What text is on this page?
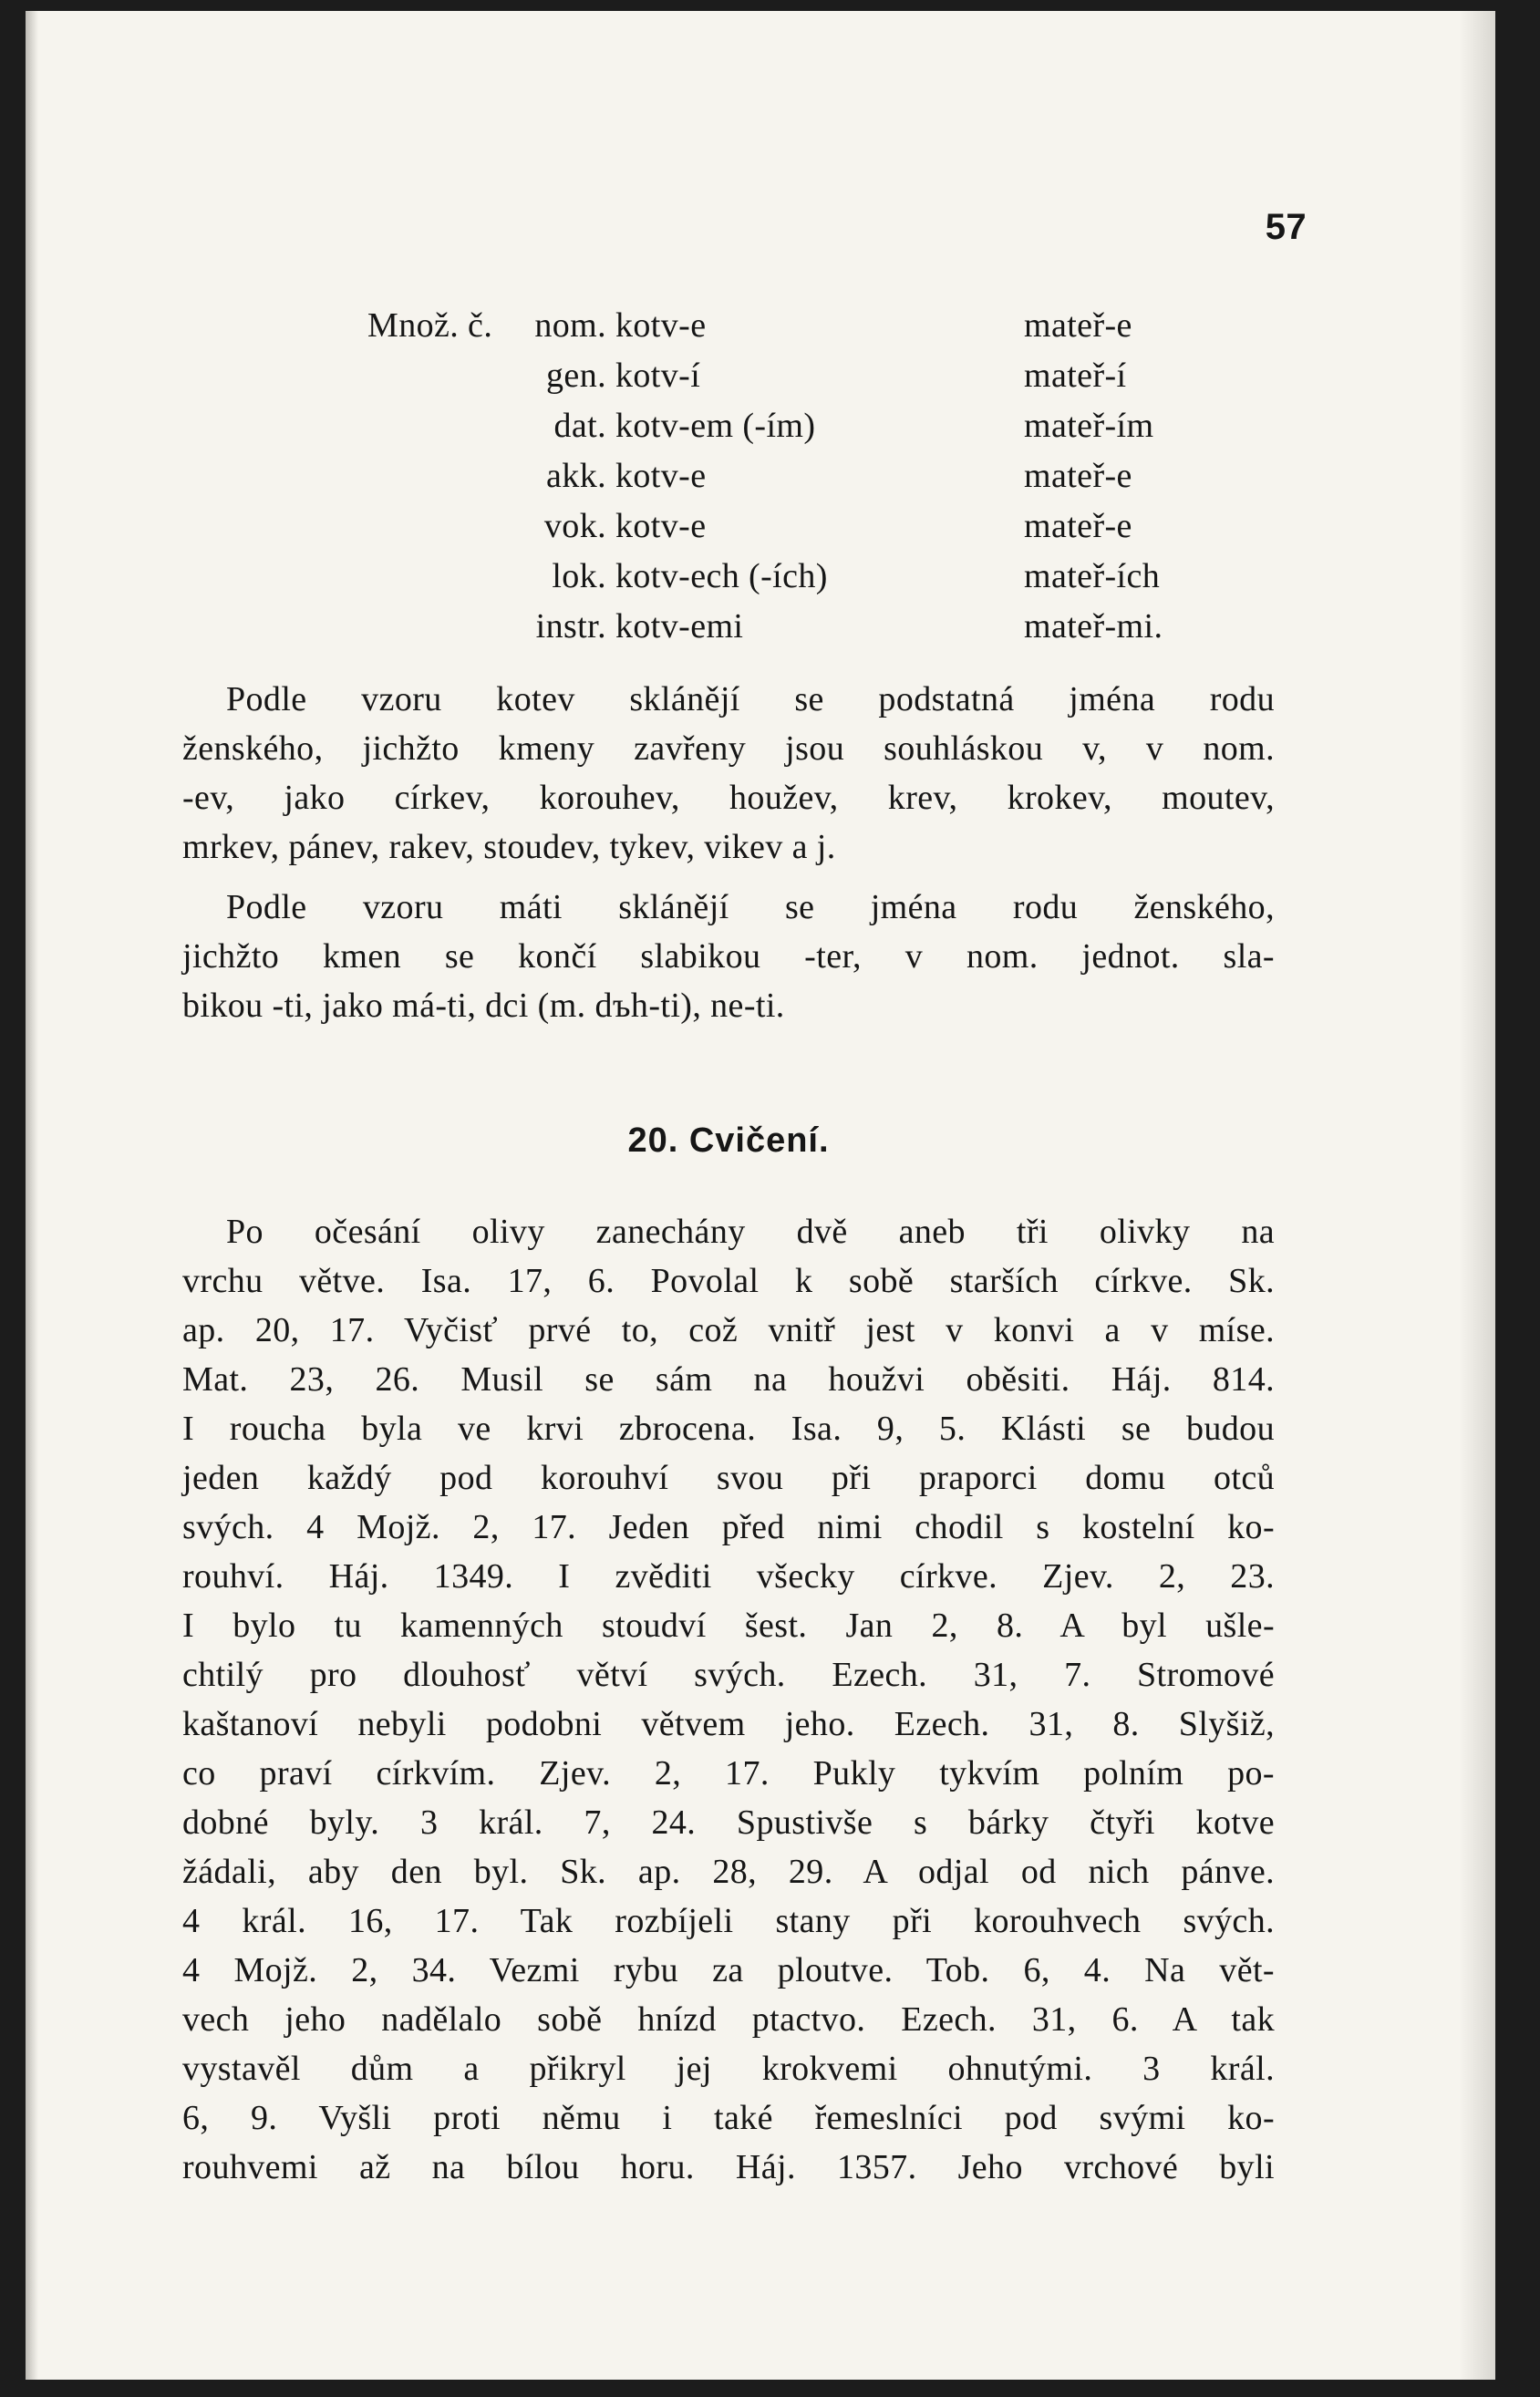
57
Množ. č.	nom. kotv-e	mateř-e
gen. kotv-í	mateř-í
dat. kotv-em (-ím)	mateř-ím
akk. kotv-e	mateř-e
vok. kotv-e	mateř-e
lok. kotv-ech (-ích)	mateř-ích
instr. kotv-emi	mateř-mi.
Podle vzoru kotev sklánějí se podstatná jména rodu
ženského, jichžto kmeny zavřeny jsou souhláskou v, v nom.
-ev, jako církev, korouhev, houžev, krev, krokev, moutev,
mrkev, pánev, rakev, stoudev, tykev, vikev a j.
Podle vzoru máti sklánějí se jména rodu ženského,
jichžto kmen se končí slabikou -ter, v nom. jednot. sla-
bikou -ti, jako má-ti, dci (m. dъh-ti), ne-ti.
20. Cvičení.
Po očesání olivy zanechány dvě aneb tři olivky na
vrchu větve. Isa. 17, 6. Povolal k sobě starších církve. Sk.
ap. 20, 17. Vyčisť prvé to, což vnitř jest v konvi a v míse.
Mat. 23, 26. Musil se sám na houžvi oběsiti. Háj. 814.
I roucha byla ve krvi zbrocena. Isa. 9, 5. Klásti se budou
jeden každý pod korouhví svou při praporci domu otců
svých. 4 Mojž. 2, 17. Jeden před nimi chodil s kostelní ko-
rouhví. Háj. 1349. I zvěditi všecky církve. Zjev. 2, 23.
I bylo tu kamenných stoudví šest. Jan 2, 8. A byl ušle-
chtilý pro dlouhosť větví svých. Ezech. 31, 7. Stromové
kaštanoví nebyli podobni větvem jeho. Ezech. 31, 8. Slyšiž,
co praví církvím. Zjev. 2, 17. Pukly tykvím polním po-
dobné byly. 3 král. 7, 24. Spustivše s bárky čtyři kotve
žádali, aby den byl. Sk. ap. 28, 29. A odjal od nich pánve.
4 král. 16, 17. Tak rozbíjeli stany při korouhvech svých.
4 Mojž. 2, 34. Vezmi rybu za ploutve. Tob. 6, 4. Na vět-
vech jeho nadělalo sobě hnízd ptactvo. Ezech. 31, 6. A tak
vystavěl dům a přikryl jej krokvemi ohnutými. 3 král.
6, 9. Vyšli proti němu i také řemeslníci pod svými ko-
rouhvemi až na bílou horu. Háj. 1357. Jeho vrchové byli
